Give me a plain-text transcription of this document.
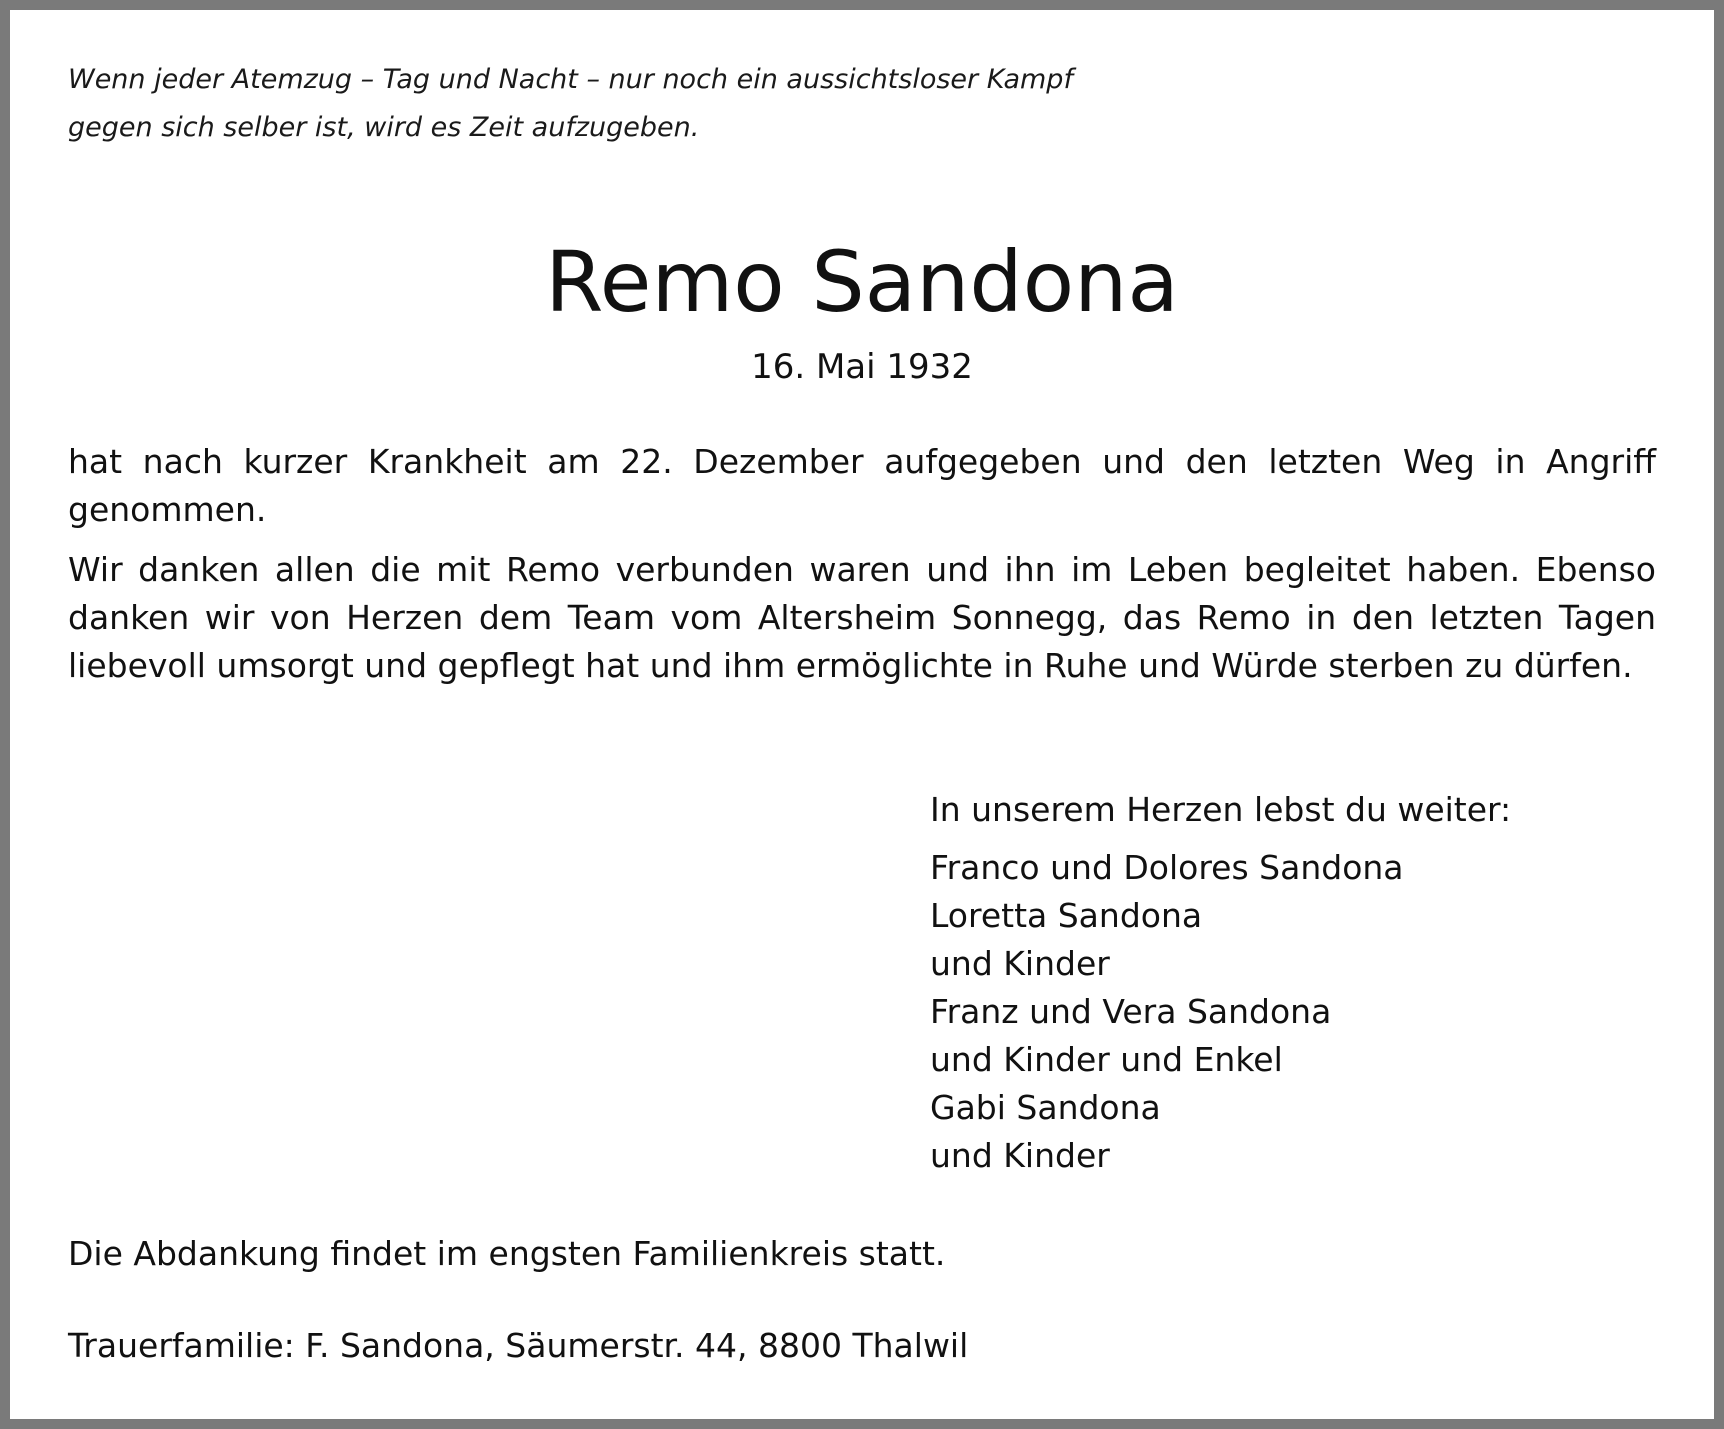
Wenn jeder Atemzug – Tag und Nacht – nur noch ein aussichtsloser Kampf
gegen sich selber ist, wird es Zeit aufzugeben.
Remo Sandona
16. Mai 1932
hat nach kurzer Krankheit am 22. Dezember aufgegeben und den letzten Weg in Angriff genommen.
Wir danken allen die mit Remo verbunden waren und ihn im Leben begleitet haben. Ebenso danken wir von Herzen dem Team vom Altersheim Sonnegg, das Remo in den letzten Tagen liebevoll umsorgt und gepflegt hat und ihm ermöglichte in Ruhe und Würde sterben zu dürfen.
In unserem Herzen lebst du weiter:
Franco und Dolores Sandona
Loretta Sandona
und Kinder
Franz und Vera Sandona
und Kinder und Enkel
Gabi Sandona
und Kinder
Die Abdankung findet im engsten Familienkreis statt.
Trauerfamilie: F. Sandona, Säumerstr. 44, 8800 Thalwil
